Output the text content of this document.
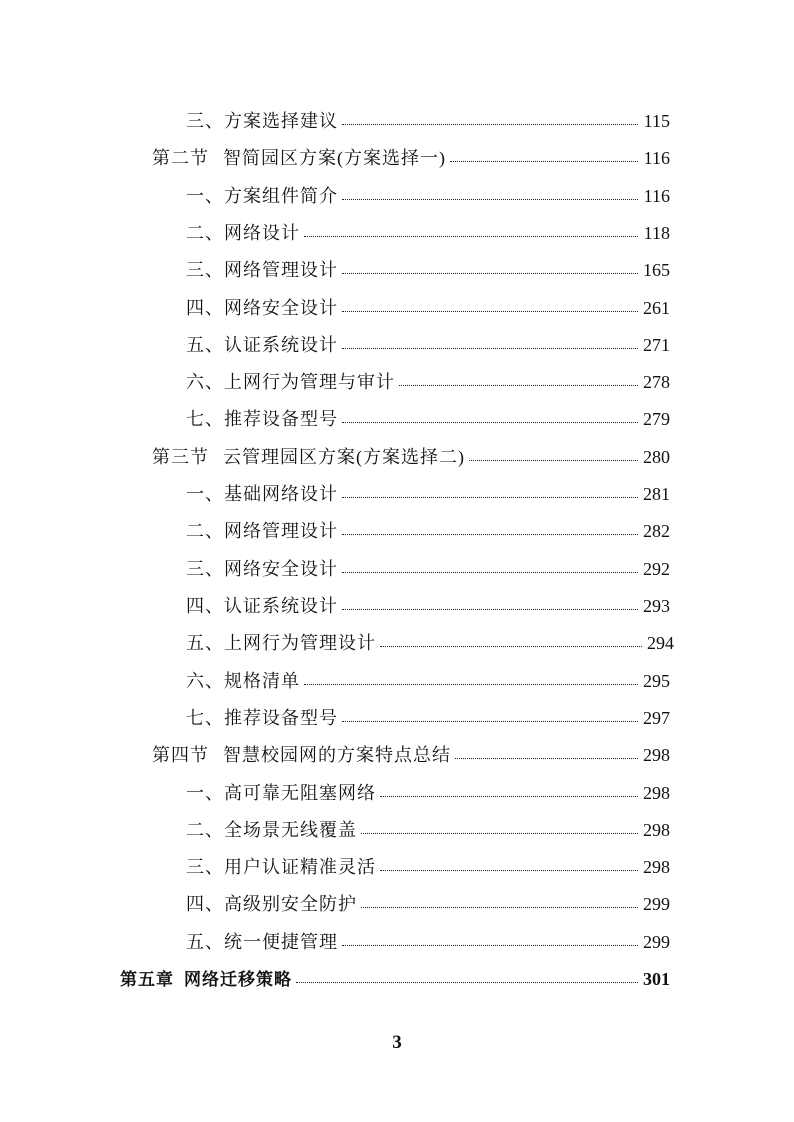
三、方案选择建议	115
第二节 智简园区方案(方案选择一)	116
一、方案组件简介	116
二、网络设计	118
三、网络管理设计	165
四、网络安全设计	261
五、认证系统设计	271
六、上网行为管理与审计	278
七、推荐设备型号	279
第三节 云管理园区方案(方案选择二)	280
一、基础网络设计	281
二、网络管理设计	282
三、网络安全设计	292
四、认证系统设计	293
五、上网行为管理设计	294
六、规格清单	295
七、推荐设备型号	297
第四节 智慧校园网的方案特点总结	298
一、高可靠无阻塞网络	298
二、全场景无线覆盖	298
三、用户认证精准灵活	298
四、高级别安全防护	299
五、统一便捷管理	299
第五章 网络迁移策略	301
3
